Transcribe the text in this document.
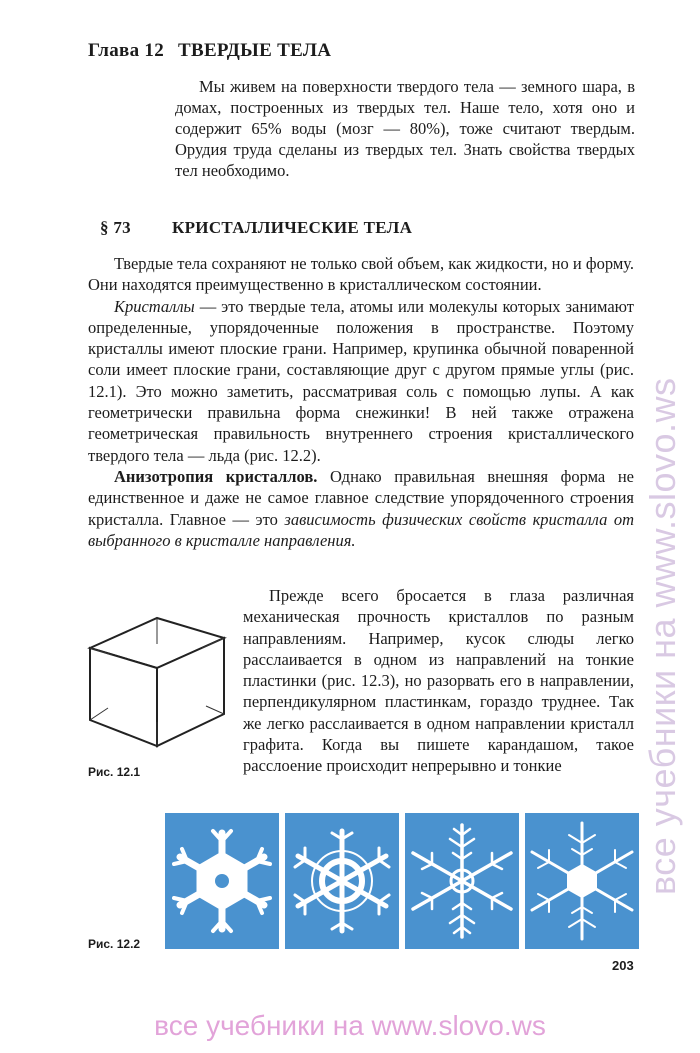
Глава 12 ТВЕРДЫЕ ТЕЛА

Мы живем на поверхности твердого тела — земного шара, в домах, построенных из твердых тел. Наше тело, хотя оно и содержит 65% воды (мозг — 80%), тоже считают твердым. Орудия труда сделаны из твердых тел. Знать свойства твердых тел необходимо.

§ 73 КРИСТАЛЛИЧЕСКИЕ ТЕЛА

Твердые тела сохраняют не только свой объем, как жидкости, но и форму. Они находятся преимущественно в кристаллическом состоянии.

Кристаллы — это твердые тела, атомы или молекулы которых занимают определенные, упорядоченные положения в пространстве. Поэтому кристаллы имеют плоские грани. Например, крупинка обычной поваренной соли имеет плоские грани, составляющие друг с другом прямые углы (рис. 12.1). Это можно заметить, рассматривая соль с помощью лупы. А как геометрически правильна форма снежинки! В ней также отражена геометрическая правильность внутреннего строения кристаллического твердого тела — льда (рис. 12.2).

Анизотропия кристаллов. Однако правильная внешняя форма не единственное и даже не самое главное следствие упорядоченного строения кристалла. Главное — это зависимость физических свойств кристалла от выбранного в кристалле направления.

Прежде всего бросается в глаза различная механическая прочность кристаллов по разным направлениям. Например, кусок слюды легко расслаивается в одном из направлений на тонкие пластинки (рис. 12.3), но разорвать его в направлении, перпендикулярном пластинкам, гораздо труднее. Так же легко расслаивается в одном направлении кристалл графита. Когда вы пишете карандашом, такое расслоение происходит непрерывно и тонкие

Рис. 12.1
Рис. 12.2
203
все учебники на www.slovo.ws
все учебники на www.slovo.ws
